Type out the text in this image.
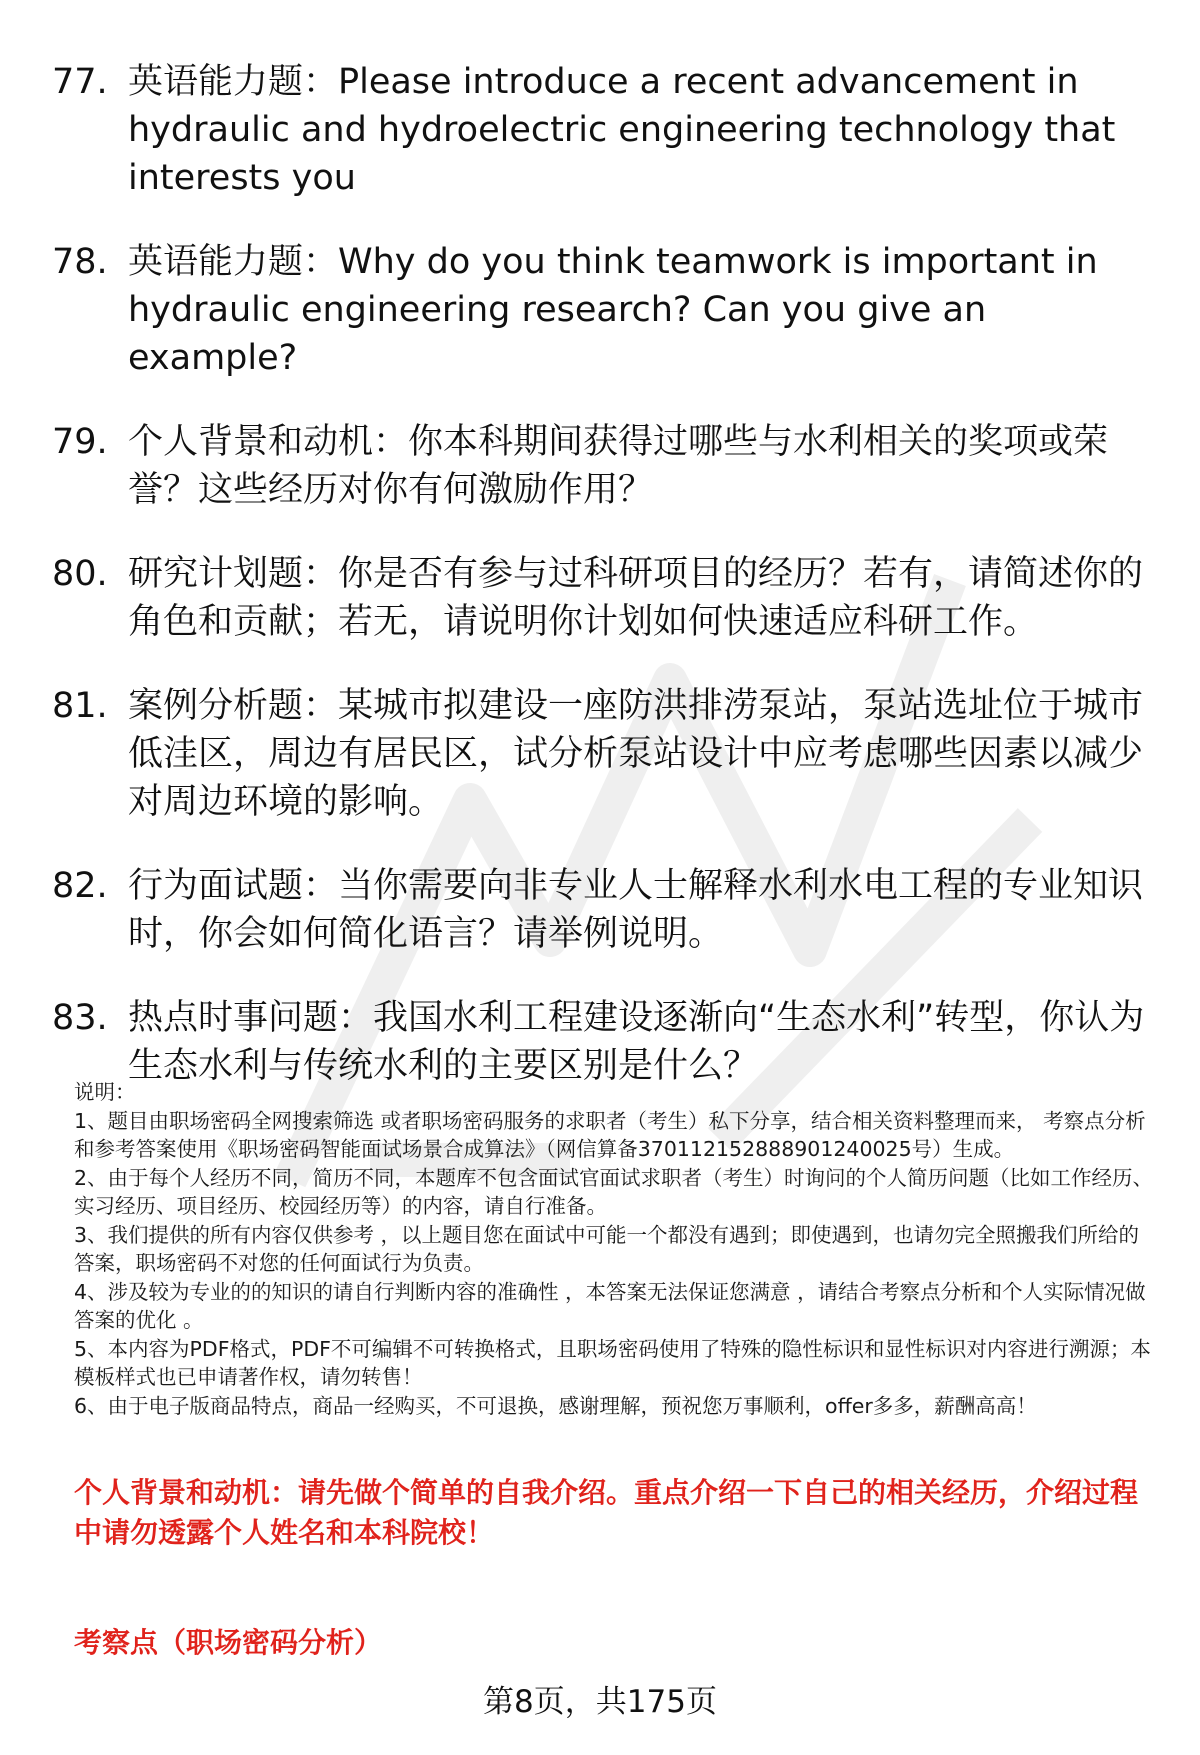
77. 英语能力题：Please introduce a recent advancement in hydraulic and hydroelectric engineering technology that interests you
78. 英语能力题：Why do you think teamwork is important in hydraulic engineering research? Can you give an example?
79. 个人背景和动机：你本科期间获得过哪些与水利相关的奖项或荣誉？这些经历对你有何激励作用？
80. 研究计划题：你是否有参与过科研项目的经历？若有，请简述你的角色和贡献；若无，请说明你计划如何快速适应科研工作。
81. 案例分析题：某城市拟建设一座防洪排涝泵站，泵站选址位于城市低洼区，周边有居民区，试分析泵站设计中应考虑哪些因素以减少对周边环境的影响。
82. 行为面试题：当你需要向非专业人士解释水利水电工程的专业知识时，你会如何简化语言？请举例说明。
83. 热点时事问题：我国水利工程建设逐渐向“生态水利”转型，你认为生态水利与传统水利的主要区别是什么？

说明：

1、题目由职场密码全网搜索筛选 或者职场密码服务的求职者（考生）私下分享，结合相关资料整理而来， 考察点分析和参考答案使用《职场密码智能面试场景合成算法》（网信算备370112152888901240025号）生成。

2、由于每个人经历不同，简历不同，本题库不包含面试官面试求职者（考生）时询问的个人简历问题（比如工作经历、实习经历、项目经历、校园经历等）的内容，请自行准备。

3、我们提供的所有内容仅供参考 ，以上题目您在面试中可能一个都没有遇到；即使遇到，也请勿完全照搬我们所给的答案，职场密码不对您的任何面试行为负责。

4、涉及较为专业的的知识的请自行判断内容的准确性 ，本答案无法保证您满意 ，请结合考察点分析和个人实际情况做答案的优化 。

5、本内容为PDF格式，PDF不可编辑不可转换格式，且职场密码使用了特殊的隐性标识和显性标识对内容进行溯源；本模板样式也已申请著作权，请勿转售！

6、由于电子版商品特点，商品一经购买，不可退换，感谢理解，预祝您万事顺利，offer多多，薪酬高高！

个人背景和动机：请先做个简单的自我介绍。重点介绍一下自己的相关经历，介绍过程中请勿透露个人姓名和本科院校！

考察点（职场密码分析）
第8页，共175页
